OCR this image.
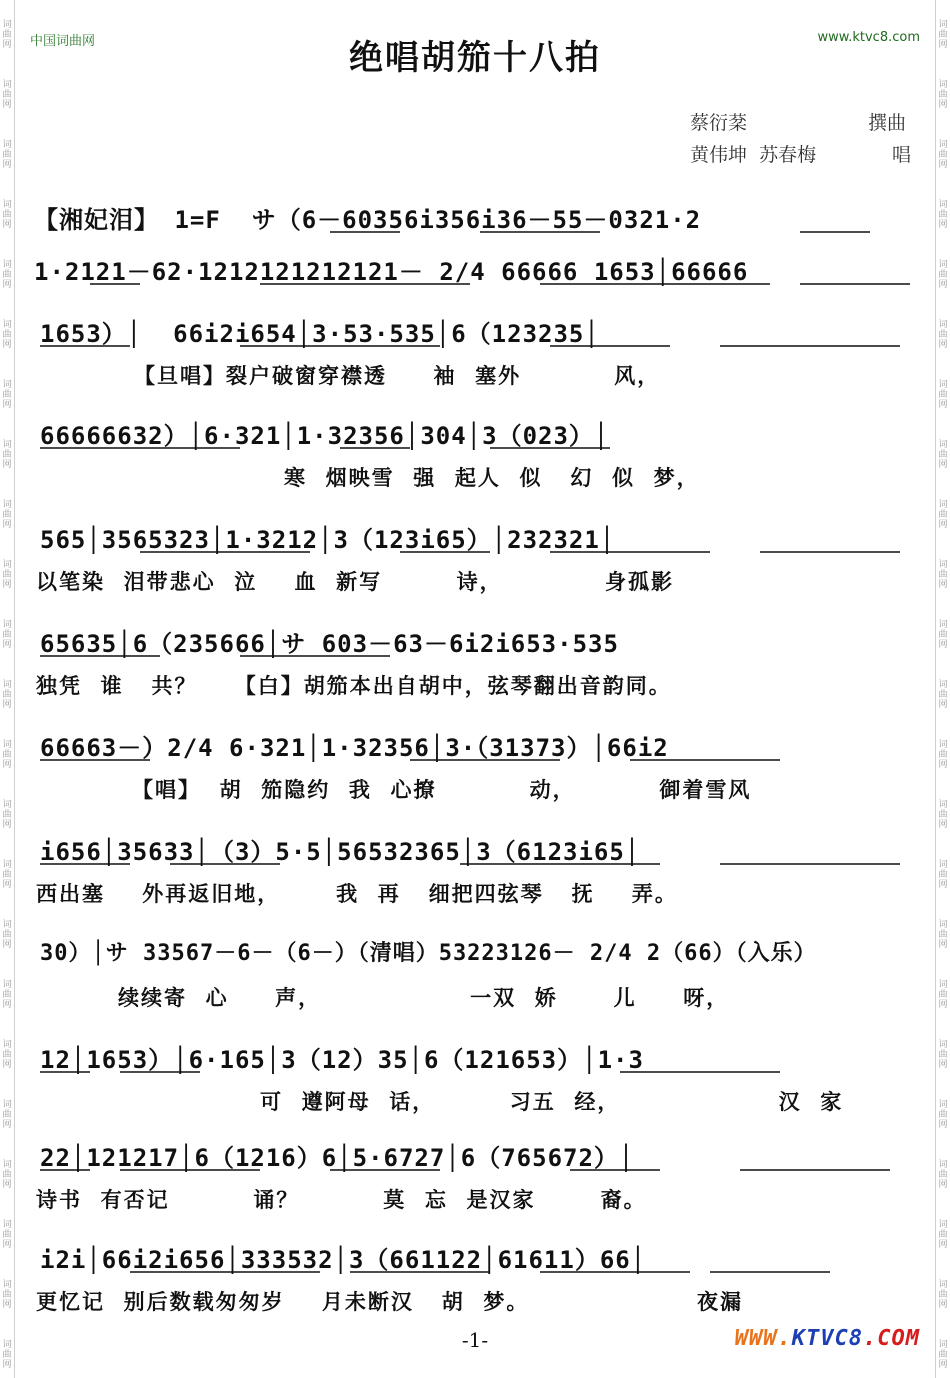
词曲网
词曲网
词曲网
词曲网
词曲网
词曲网
词曲网
词曲网
词曲网
词曲网
词曲网
词曲网
词曲网
词曲网
词曲网
词曲网
词曲网
词曲网
词曲网
词曲网
词曲网
词曲网
词曲网
词曲网
词曲网
词曲网
词曲网
词曲网
词曲网
词曲网
词曲网
词曲网
词曲网
词曲网
词曲网
词曲网
词曲网
词曲网
词曲网
词曲网
词曲网
词曲网
词曲网
词曲网
词曲网
词曲网
中国词曲网	www.ktvc8.com
绝唱胡笳十八拍
蔡衍棻	撰曲
黄伟坤  苏春梅	唱
【湘妃泪】 1=F  サ（6－60356i356i36－55－0321·2
1·2121－62·1212121212121－ 2/4 66666 1653│66666
1653）│  66i2i654│3·53·535│6（123235│
【旦唱】裂户破窗穿襟透     袖  塞外          风，
66666632）│6·321│1·32356│304│3（023）│
寒  烟映雪  强  起人  似   幻  似  梦，
565│3565323│1·3212│3（123i65）│232321│
以笔染  泪带悲心  泣    血  新写        诗，           身孤影
65635│6（235666│サ 603－63－6i2i653·535
独凭  谁   共？    【白】胡笳本出自胡中，弦琴翻出音韵同。
66663－）2/4 6·321│1·32356│3·（31373）│66i2
【唱】  胡  笳隐约  我  心撩          动，         御着雪风
i656│35633│（3）5·5│56532365│3（6123i65│
西出塞    外再返旧地，      我  再   细把四弦琴   抚    弄。
30）│サ 33567－6－（6－）（清唱）53223126－ 2/4 2（66）（入乐）
续续寄  心     声，                一双  娇      儿     呀，
12│1653）│6·165│3（12）35│6（121653）│1·3
可  遵阿母  话，        习五  经，                 汉  家
22│121217│6（1216）6│5·6727│6（765672）│
诗书  有否记         诵？         莫  忘  是汉家       裔。
i2i│66i2i656│333532│3（661122│61611）66│
更忆记  别后数载匆匆岁    月未断汉   胡  梦。                  夜漏
-1-	WWW.KTVC8.COM
